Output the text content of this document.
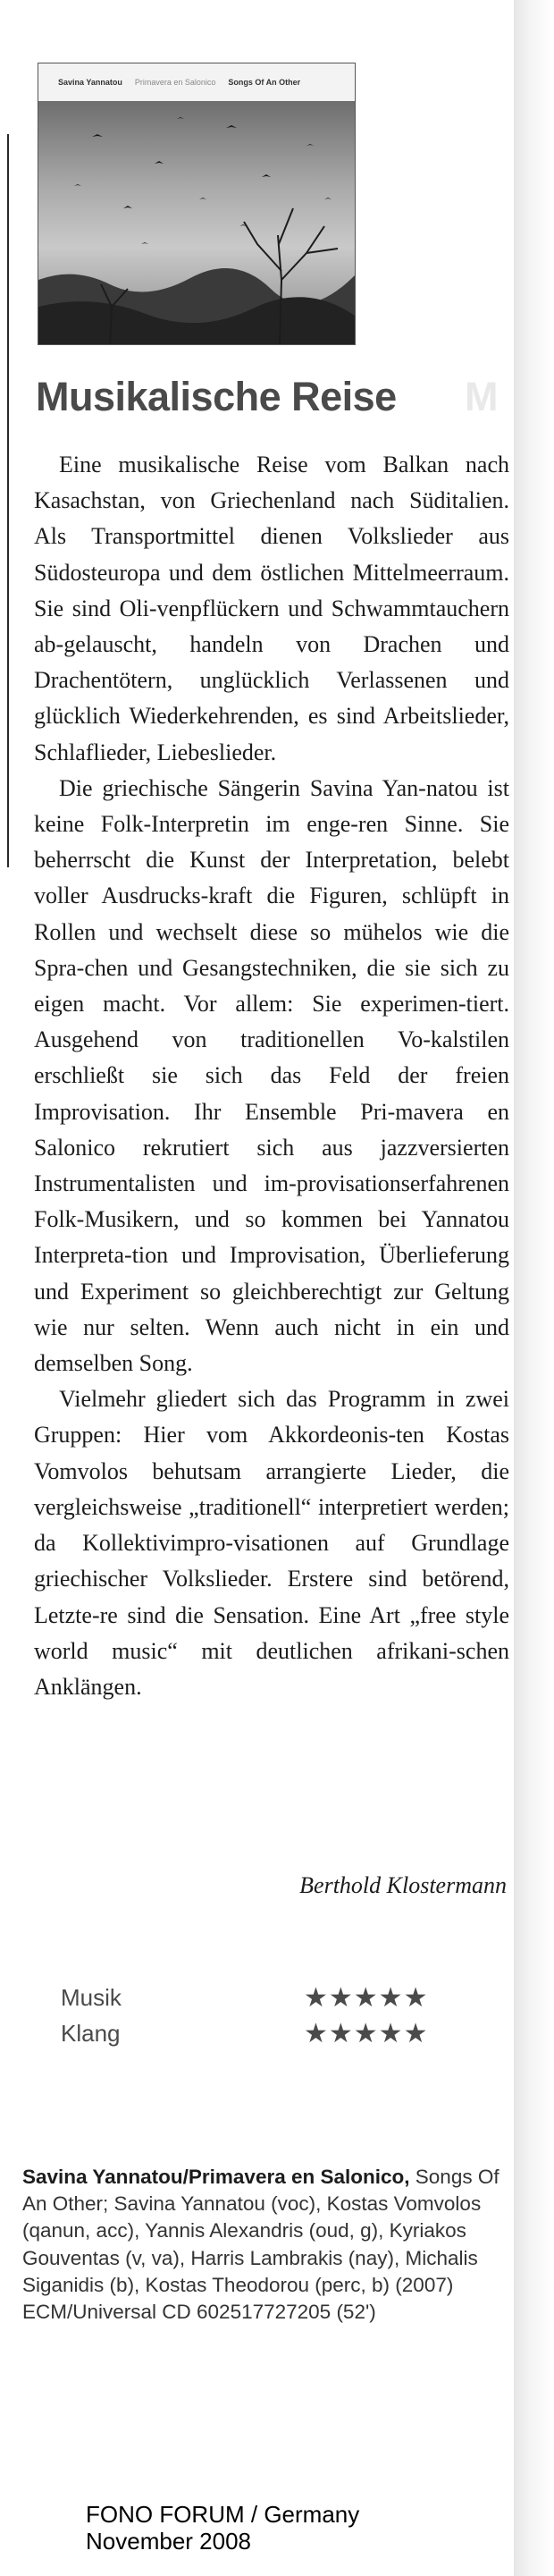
Savina Yannatou Primavera en Salonico Songs Of An Other
Musikalische Reise M

Eine musikalische Reise vom Balkan nach Kasachstan, von Griechenland nach Süditalien. Als Transportmittel dienen Volkslieder aus Südosteuropa und dem östlichen Mittelmeerraum. Sie sind Oli-venpflückern und Schwammtauchern ab-gelauscht, handeln von Drachen und Drachentötern, unglücklich Verlassenen und glücklich Wiederkehrenden, es sind Arbeitslieder, Schlaflieder, Liebeslieder.

Die griechische Sängerin Savina Yan-natou ist keine Folk-Interpretin im enge-ren Sinne. Sie beherrscht die Kunst der Interpretation, belebt voller Ausdrucks-kraft die Figuren, schlüpft in Rollen und wechselt diese so mühelos wie die Spra-chen und Gesangstechniken, die sie sich zu eigen macht. Vor allem: Sie experimen-tiert. Ausgehend von traditionellen Vo-kalstilen erschließt sie sich das Feld der freien Improvisation. Ihr Ensemble Pri-mavera en Salonico rekrutiert sich aus jazzversierten Instrumentalisten und im-provisationserfahrenen Folk-Musikern, und so kommen bei Yannatou Interpreta-tion und Improvisation, Überlieferung und Experiment so gleichberechtigt zur Geltung wie nur selten. Wenn auch nicht in ein und demselben Song.

Vielmehr gliedert sich das Programm in zwei Gruppen: Hier vom Akkordeonis-ten Kostas Vomvolos behutsam arrangierte Lieder, die vergleichsweise „traditionell“ interpretiert werden; da Kollektivimpro-visationen auf Grundlage griechischer Volkslieder. Erstere sind betörend, Letzte-re sind die Sensation. Eine Art „free style world music“ mit deutlichen afrikani-schen Anklängen.

Berthold Klostermann
Musik	★★★★★
Klang	★★★★★
Savina Yannatou/Primavera en Salonico, Songs Of An Other; Savina Yannatou (voc), Kostas Vomvolos (qanun, acc), Yannis Alexandris (oud, g), Kyriakos Gouventas (v, va), Harris Lambrakis (nay), Michalis Siganidis (b), Kostas Theodorou (perc, b) (2007)
ECM/Universal CD 602517727205 (52')
FONO FORUM / Germany
November 2008
